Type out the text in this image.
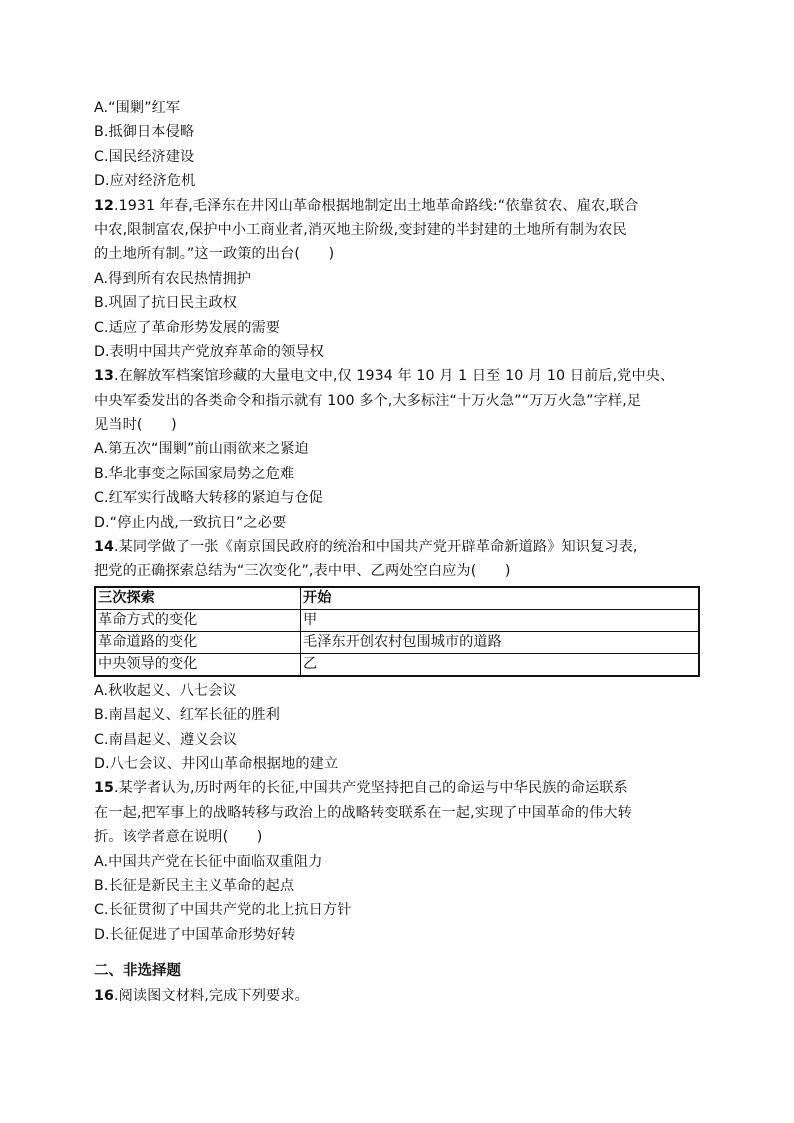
A.“围剿”红军
B.抵御日本侵略
C.国民经济建设
D.应对经济危机
12.1931 年春,毛泽东在井冈山革命根据地制定出土地革命路线:“依靠贫农、雇农,联合
中农,限制富农,保护中小工商业者,消灭地主阶级,变封建的半封建的土地所有制为农民
的土地所有制。”这一政策的出台(　　)
A.得到所有农民热情拥护
B.巩固了抗日民主政权
C.适应了革命形势发展的需要
D.表明中国共产党放弃革命的领导权
13.在解放军档案馆珍藏的大量电文中,仅 1934 年 10 月 1 日至 10 月 10 日前后,党中央、
中央军委发出的各类命令和指示就有 100 多个,大多标注“十万火急”“万万火急”字样,足
见当时(　　)
A.第五次“围剿”前山雨欲来之紧迫
B.华北事变之际国家局势之危难
C.红军实行战略大转移的紧迫与仓促
D.“停止内战,一致抗日”之必要
14.某同学做了一张《南京国民政府的统治和中国共产党开辟革命新道路》知识复习表,
把党的正确探索总结为“三次变化”,表中甲、乙两处空白应为(　　)
三次探索	开始
革命方式的变化	甲
革命道路的变化	毛泽东开创农村包围城市的道路
中央领导的变化	乙
A.秋收起义、八七会议
B.南昌起义、红军长征的胜利
C.南昌起义、遵义会议
D.八七会议、井冈山革命根据地的建立
15.某学者认为,历时两年的长征,中国共产党坚持把自己的命运与中华民族的命运联系
在一起,把军事上的战略转移与政治上的战略转变联系在一起,实现了中国革命的伟大转
折。该学者意在说明(　　)
A.中国共产党在长征中面临双重阻力
B.长征是新民主主义革命的起点
C.长征贯彻了中国共产党的北上抗日方针
D.长征促进了中国革命形势好转
二、非选择题
16.阅读图文材料,完成下列要求。
